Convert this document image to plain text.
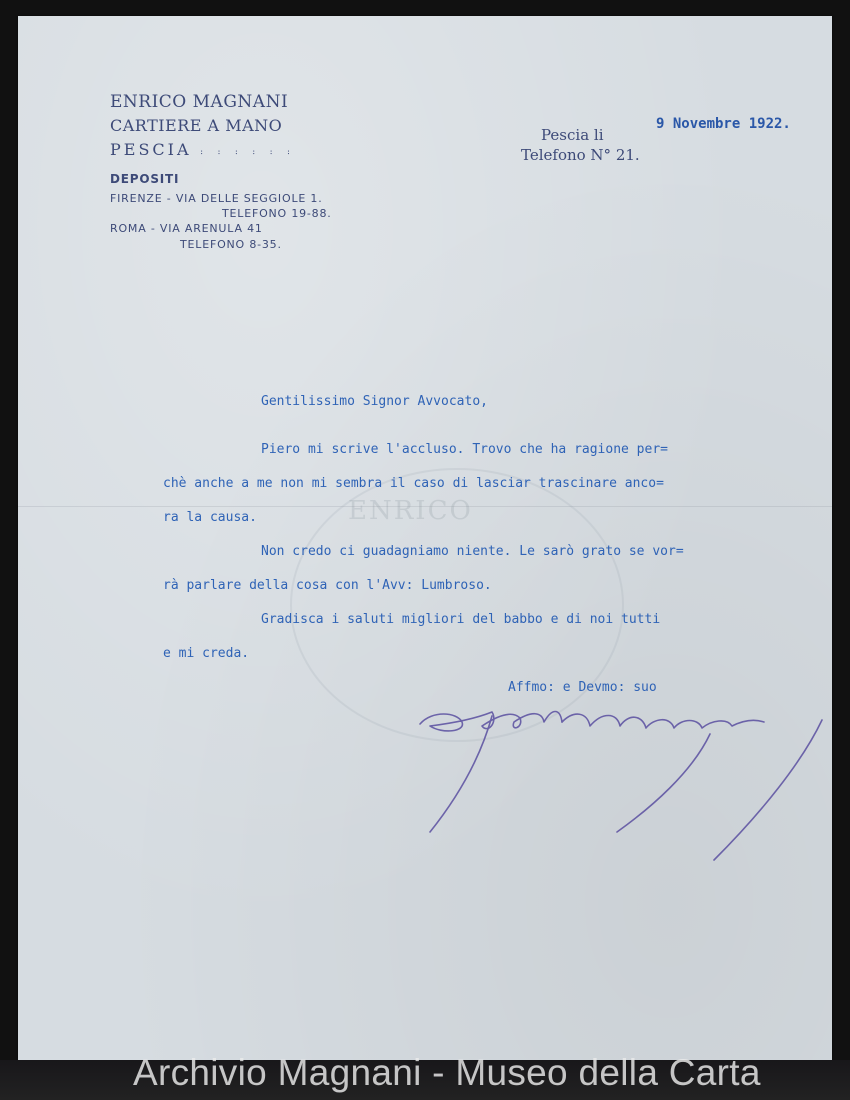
ENRICO
ENRICO MAGNANI
CARTIERE A MANO
PESCIA ꞉ ꞉ ꞉ ꞉ ꞉ ꞉
DEPOSITI
FIRENZE - VIA DELLE SEGGIOLE 1.
TELEFONO 19-88.
ROMA - VIA ARENULA 41
TELEFONO 8-35.
Pescia li
Telefono N° 21.
9 Novembre 1922.
Gentilissimo Signor Avvocato,
Piero mi scrive l'accluso. Trovo che ha ragione per=
chè anche a me non mi sembra il caso di lasciar trascinare anco=
ra la causa.
Non credo ci guadagniamo niente. Le sarò grato se vor=
rà parlare della cosa con l'Avv: Lumbroso.
Gradisca i saluti migliori del babbo e di noi tutti
e mi creda.
Affmo: e Devmo: suo
Archivio Magnani - Museo della Carta
